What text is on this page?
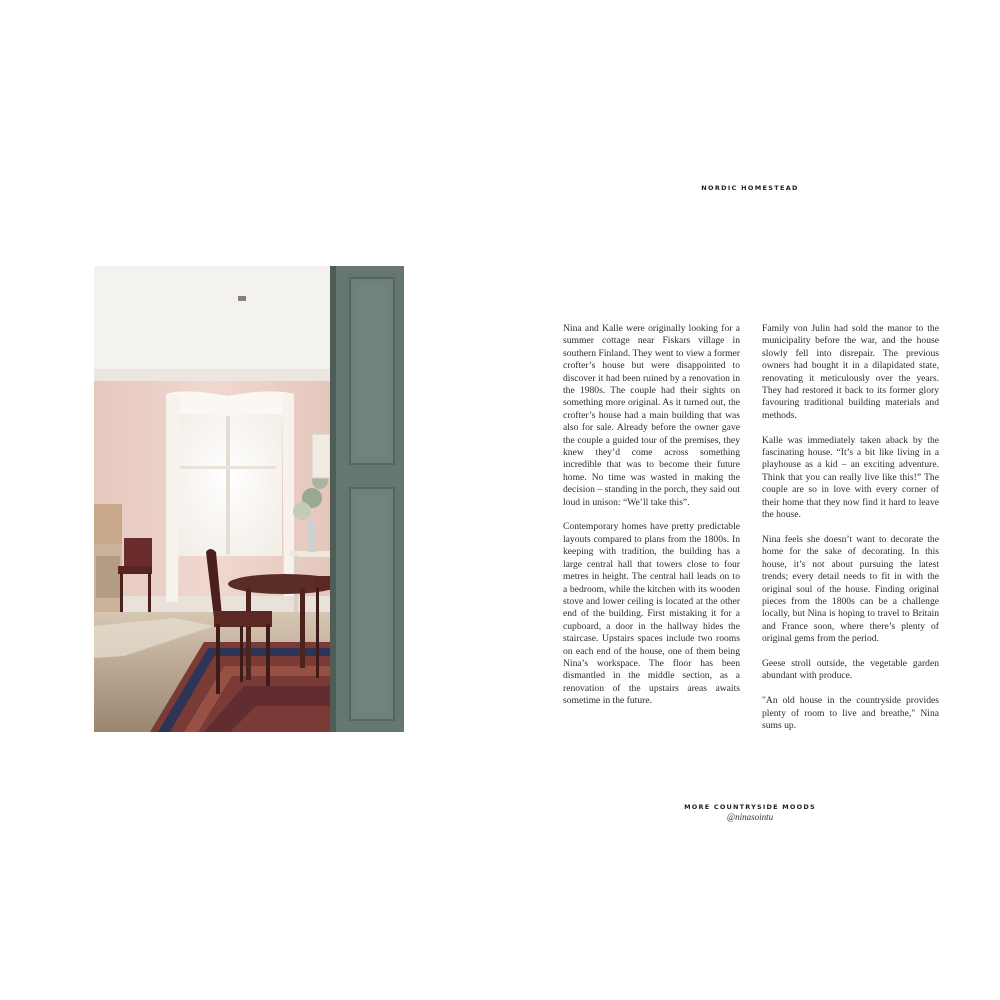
NORDIC HOMESTEAD

Nina and Kalle were originally looking for a summer cottage near Fiskars village in southern Finland. They went to view a former crofter’s house but were disappointed to discover it had been ruined by a renovation in the 1980s. The couple had their sights on something more original. As it turned out, the crofter’s house had a main building that was also for sale. Already before the owner gave the couple a guided tour of the premises, they knew they’d come across something incredible that was to become their future home. No time was wasted in making the decision – standing in the porch, they said out loud in unison: “We’ll take this”.

Contemporary homes have pretty predictable layouts compared to plans from the 1800s. In keeping with tradition, the building has a large central hall that towers close to four metres in height. The central hall leads on to a bedroom, while the kitchen with its wooden stove and lower ceiling is located at the other end of the building. First mistaking it for a cupboard, a door in the hallway hides the staircase. Upstairs spaces include two rooms on each end of the house, one of them being Nina’s workspace. The floor has been dismantled in the middle section, as a renovation of the upstairs areas awaits sometime in the future.

Family von Julin had sold the manor to the municipality before the war, and the house slowly fell into disrepair. The previous owners had bought it in a dilapidated state, renovating it meticulously over the years. They had restored it back to its former glory favouring traditional building materials and methods.

Kalle was immediately taken aback by the fascinating house. “It’s a bit like living in a playhouse as a kid – an exciting adventure. Think that you can really live like this!” The couple are so in love with every corner of their home that they now find it hard to leave the house.

Nina feels she doesn’t want to decorate the home for the sake of decorating. In this house, it’s not about pursuing the latest trends; every detail needs to fit in with the original soul of the house. Finding original pieces from the 1800s can be a challenge locally, but Nina is hoping to travel to Britain and France soon, where there’s plenty of original gems from the period.

Geese stroll outside, the vegetable garden abundant with produce.

"An old house in the countryside provides plenty of room to live and breathe," Nina sums up.

MORE COUNTRYSIDE MOODS
@ninasointu
